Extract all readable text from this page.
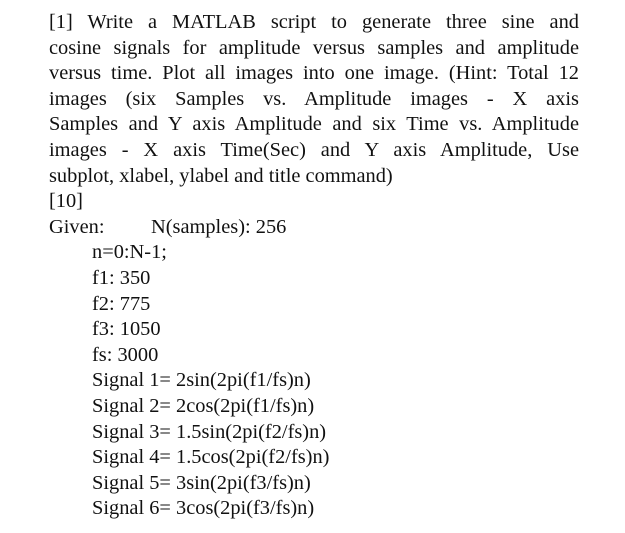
[1] Write a MATLAB script to generate three sine and

cosine signals for amplitude versus samples and amplitude

versus time. Plot all images into one image. (Hint: Total 12

images (six Samples vs. Amplitude images - X axis

Samples and Y axis Amplitude and six Time vs. Amplitude

images - X axis Time(Sec) and Y axis Amplitude, Use

subplot, xlabel, ylabel and title command)

[10]

Given: N(samples): 256
n=0:N-1;
f1: 350
f2: 775
f3: 1050
fs: 3000
Signal 1= 2sin(2pi(f1/fs)n)
Signal 2= 2cos(2pi(f1/fs)n)
Signal 3= 1.5sin(2pi(f2/fs)n)
Signal 4= 1.5cos(2pi(f2/fs)n)
Signal 5= 3sin(2pi(f3/fs)n)
Signal 6= 3cos(2pi(f3/fs)n)
